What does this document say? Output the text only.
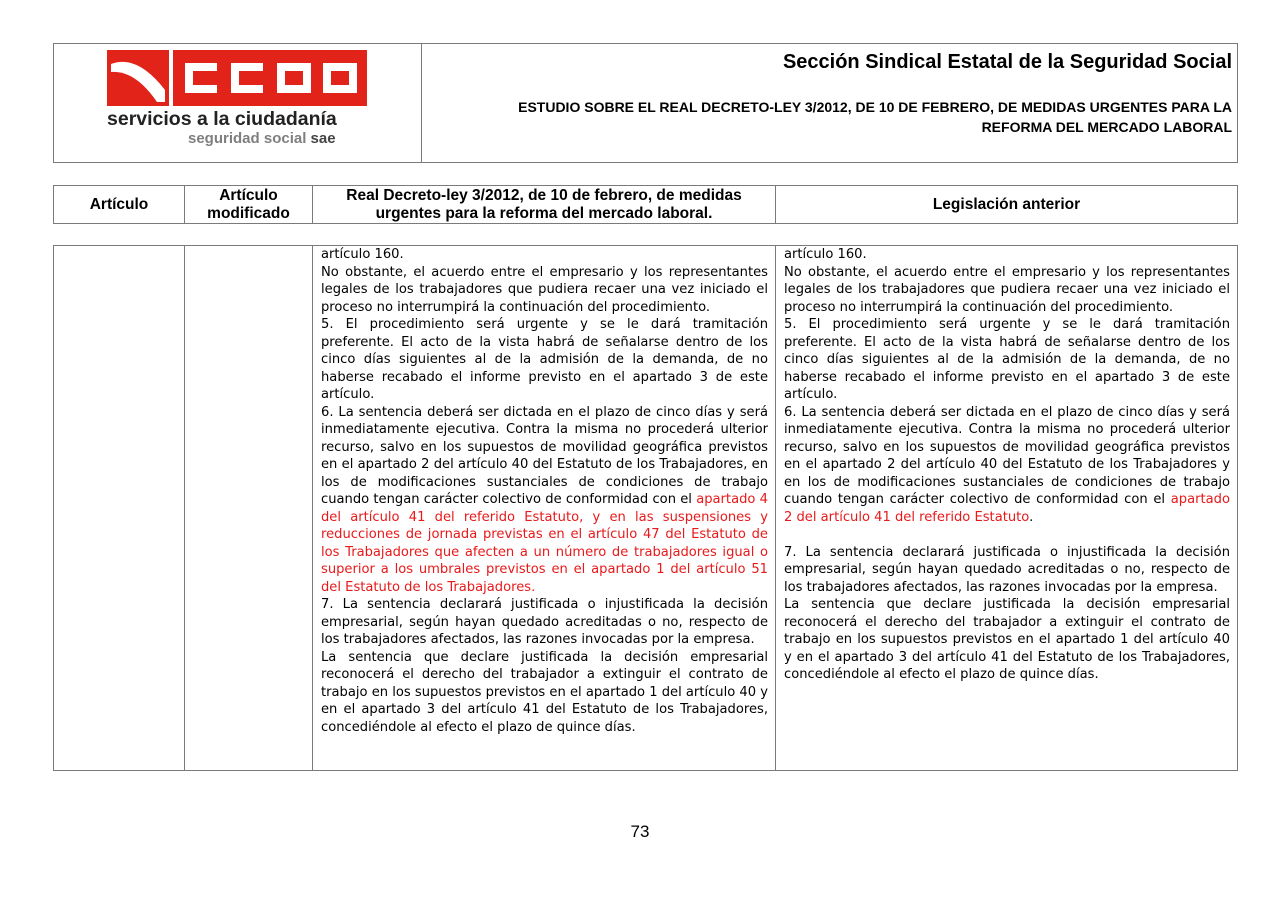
CCOO
servicios a la ciudadanía
seguridad social sae
Sección Sindical Estatal de la Seguridad Social
ESTUDIO SOBRE EL REAL DECRETO-LEY 3/2012, DE 10 DE FEBRERO, DE MEDIDAS URGENTES PARA LA
REFORMA DEL MERCADO LABORAL
Artículo
Artículo
modificado
Real Decreto-ley 3/2012, de 10 de febrero, de medidas
urgentes para la reforma del mercado laboral.
Legislación anterior

artículo 160.

No obstante, el acuerdo entre el empresario y los representantes legales de los trabajadores que pudiera recaer una vez iniciado el proceso no interrumpirá la continuación del procedimiento.

5. El procedimiento será urgente y se le dará tramitación preferente. El acto de la vista habrá de señalarse dentro de los cinco días siguientes al de la admisión de la demanda, de no haberse recabado el informe previsto en el apartado 3 de este artículo.

6. La sentencia deberá ser dictada en el plazo de cinco días y será inmediatamente ejecutiva. Contra la misma no procederá ulterior recurso, salvo en los supuestos de movilidad geográfica previstos en el apartado 2 del artículo 40 del Estatuto de los Trabajadores, en los de modificaciones sustanciales de condiciones de trabajo cuando tengan carácter colectivo de conformidad con el apartado 4 del artículo 41 del referido Estatuto, y en las suspensiones y reducciones de jornada previstas en el artículo 47 del Estatuto de los Trabajadores que afecten a un número de trabajadores igual o superior a los umbrales previstos en el apartado 1 del artículo 51 del Estatuto de los Trabajadores.

7. La sentencia declarará justificada o injustificada la decisión empresarial, según hayan quedado acreditadas o no, respecto de los trabajadores afectados, las razones invocadas por la empresa.

La sentencia que declare justificada la decisión empresarial reconocerá el derecho del trabajador a extinguir el contrato de trabajo en los supuestos previstos en el apartado 1 del artículo 40 y en el apartado 3 del artículo 41 del Estatuto de los Trabajadores, concediéndole al efecto el plazo de quince días.

artículo 160.

No obstante, el acuerdo entre el empresario y los representantes legales de los trabajadores que pudiera recaer una vez iniciado el proceso no interrumpirá la continuación del procedimiento.

5. El procedimiento será urgente y se le dará tramitación preferente. El acto de la vista habrá de señalarse dentro de los cinco días siguientes al de la admisión de la demanda, de no haberse recabado el informe previsto en el apartado 3 de este artículo.

6. La sentencia deberá ser dictada en el plazo de cinco días y será inmediatamente ejecutiva. Contra la misma no procederá ulterior recurso, salvo en los supuestos de movilidad geográfica previstos en el apartado 2 del artículo 40 del Estatuto de los Trabajadores y en los de modificaciones sustanciales de condiciones de trabajo cuando tengan carácter colectivo de conformidad con el apartado 2 del artículo 41 del referido Estatuto.

7. La sentencia declarará justificada o injustificada la decisión empresarial, según hayan quedado acreditadas o no, respecto de los trabajadores afectados, las razones invocadas por la empresa.

La sentencia que declare justificada la decisión empresarial reconocerá el derecho del trabajador a extinguir el contrato de trabajo en los supuestos previstos en el apartado 1 del artículo 40 y en el apartado 3 del artículo 41 del Estatuto de los Trabajadores, concediéndole al efecto el plazo de quince días.

73
